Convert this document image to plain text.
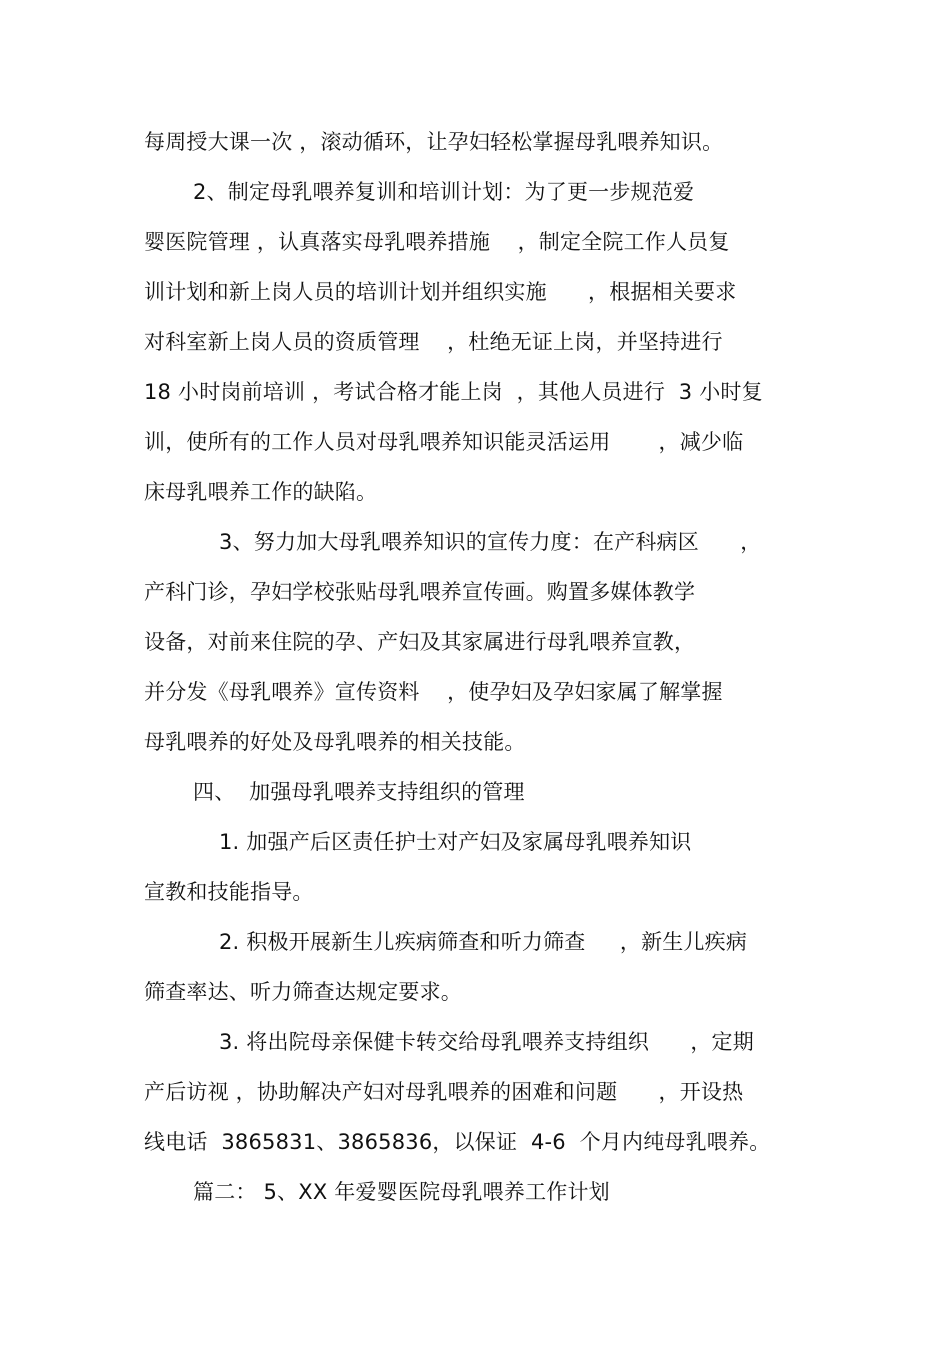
每周授大课一次 ，滚动循环，让孕妇轻松掌握母乳喂养知识。
2、制定母乳喂养复训和培训计划：为了更一步规范爱
婴医院管理 ，认真落实母乳喂养措施    ，制定全院工作人员复
训计划和新上岗人员的培训计划并组织实施      ，根据相关要求
对科室新上岗人员的资质管理    ，杜绝无证上岗，并坚持进行
18 小时岗前培训 ，考试合格才能上岗  ，其他人员进行  3 小时复
训，使所有的工作人员对母乳喂养知识能灵活运用       ，减少临
床母乳喂养工作的缺陷。
3、努力加大母乳喂养知识的宣传力度：在产科病区      ，
产科门诊，孕妇学校张贴母乳喂养宣传画。购置多媒体教学
设备，对前来住院的孕、产妇及其家属进行母乳喂养宣教，
并分发《母乳喂养》宣传资料    ，使孕妇及孕妇家属了解掌握
母乳喂养的好处及母乳喂养的相关技能。
四、  加强母乳喂养支持组织的管理
1. 加强产后区责任护士对产妇及家属母乳喂养知识
宣教和技能指导。
2. 积极开展新生儿疾病筛查和听力筛查     ，新生儿疾病
筛查率达、听力筛查达规定要求。
3. 将出院母亲保健卡转交给母乳喂养支持组织      ，定期
产后访视 ，协助解决产妇对母乳喂养的困难和问题      ，开设热
线电话  3865831、3865836，以保证  4-6  个月内纯母乳喂养。
篇二： 5、XX 年爱婴医院母乳喂养工作计划
